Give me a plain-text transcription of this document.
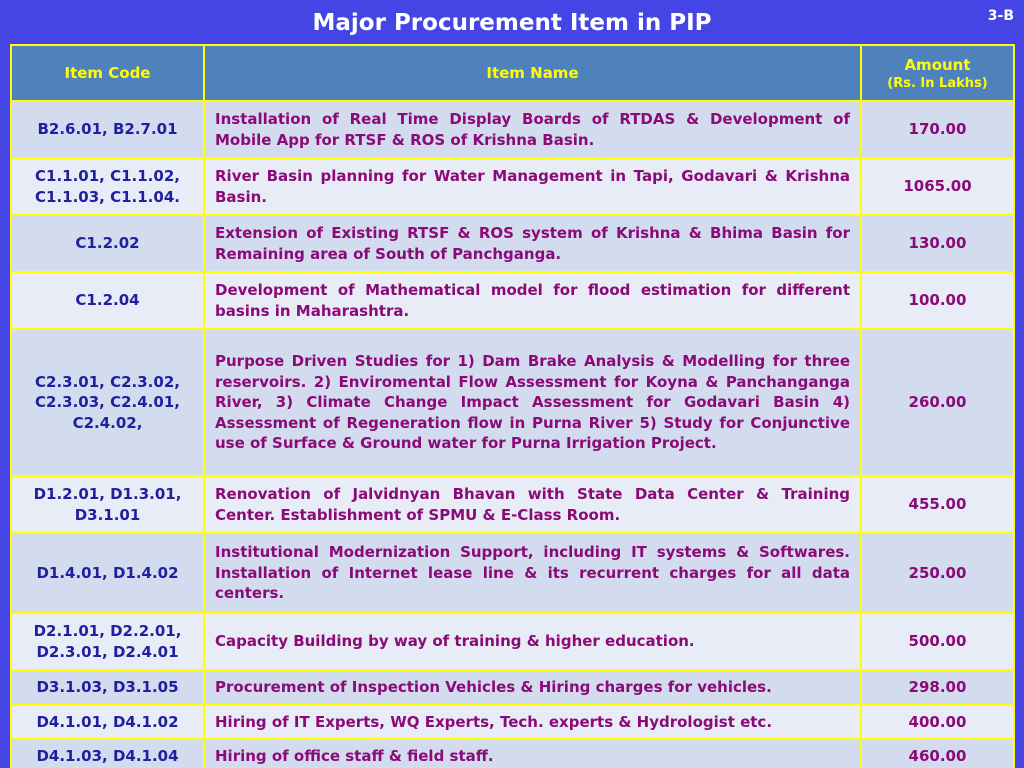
Major Procurement Item in PIP	3-B
Item Code	Item Name	Amount
(Rs. In Lakhs)

B2.6.01, B2.7.01	Installation of Real Time Display Boards of RTDAS & Development of Mobile App for RTSF & ROS of Krishna Basin.	170.00
C1.1.01, C1.1.02, C1.1.03, C1.1.04.	River Basin planning for Water Management in Tapi, Godavari & Krishna Basin.	1065.00
C1.2.02	Extension of Existing RTSF & ROS system of Krishna & Bhima Basin for Remaining area of South of Panchganga.	130.00
C1.2.04	Development of Mathematical model for flood estimation for different basins in Maharashtra.	100.00
C2.3.01, C2.3.02, C2.3.03, C2.4.01, C2.4.02,	Purpose Driven Studies for 1) Dam Brake Analysis & Modelling for three reservoirs. 2) Enviromental Flow Assessment for Koyna & Panchanganga River, 3) Climate Change Impact Assessment for Godavari Basin 4) Assessment of Regeneration flow in Purna River 5) Study for Conjunctive use of Surface & Ground water for Purna Irrigation Project.	260.00
D1.2.01, D1.3.01, D3.1.01	Renovation of Jalvidnyan Bhavan with State Data Center & Training Center. Establishment of SPMU & E-Class Room.	455.00
D1.4.01, D1.4.02	Institutional Modernization Support, including IT systems & Softwares. Installation of Internet lease line & its recurrent charges for all data centers.	250.00
D2.1.01, D2.2.01, D2.3.01, D2.4.01	Capacity Building by way of training & higher education.	500.00
D3.1.03, D3.1.05	Procurement of Inspection Vehicles & Hiring charges for vehicles.	298.00
D4.1.01, D4.1.02	Hiring of IT Experts, WQ Experts, Tech. experts & Hydrologist etc.	400.00
D4.1.03, D4.1.04	Hiring of office staff & field staff.	460.00
